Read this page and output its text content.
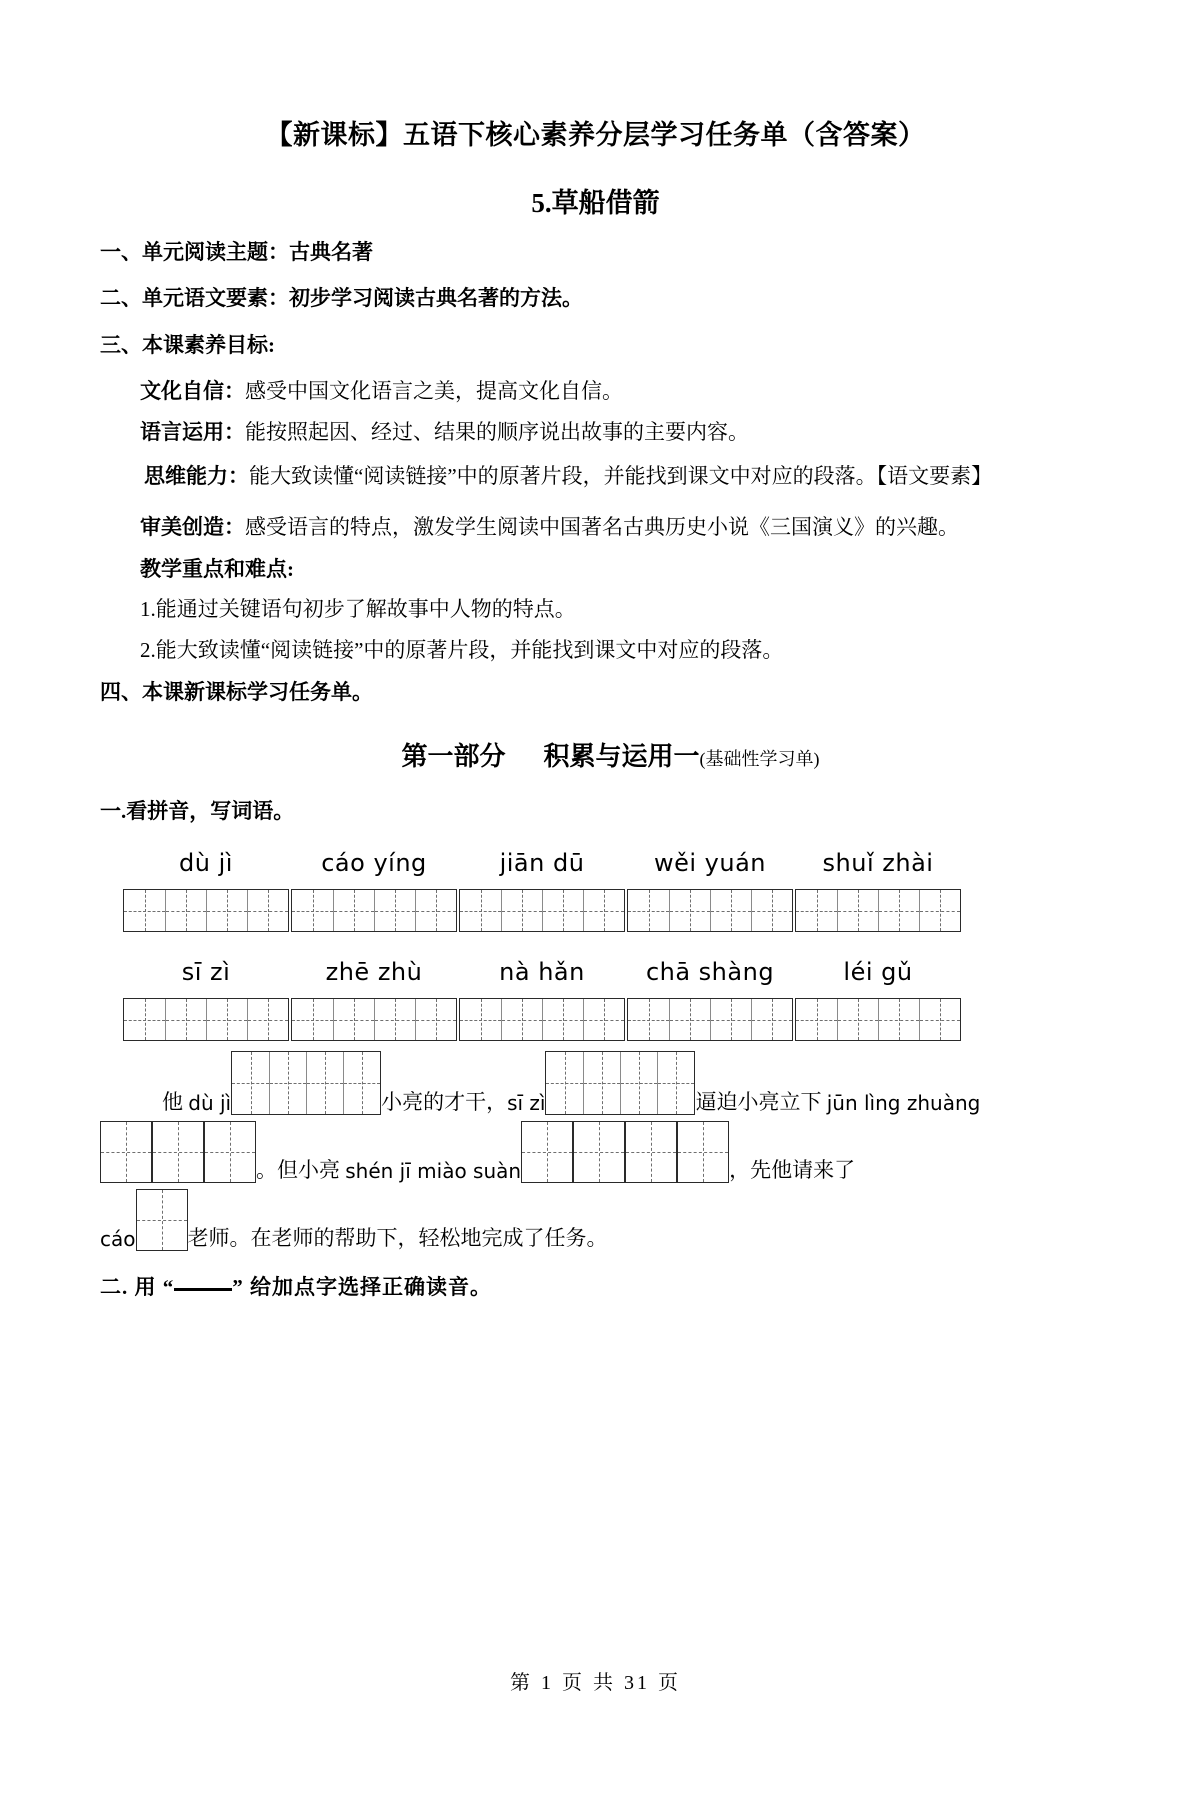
【新课标】五语下核心素养分层学习任务单（含答案）
5.草船借箭
一、单元阅读主题：古典名著
二、单元语文要素：初步学习阅读古典名著的方法。
三、本课素养目标:
文化自信：感受中国文化语言之美，提高文化自信。
语言运用：能按照起因、经过、结果的顺序说出故事的主要内容。
思维能力：能大致读懂“阅读链接”中的原著片段，并能找到课文中对应的段落。【语文要素】
审美创造：感受语言的特点，激发学生阅读中国著名古典历史小说《三国演义》的兴趣。
教学重点和难点:
1.能通过关键语句初步了解故事中人物的特点。
2.能大致读懂“阅读链接”中的原著片段，并能找到课文中对应的段落。
四、本课新课标学习任务单。
第一部分 积累与运用一(基础性学习单)
一.看拼音，写词语。
dù jì	cáo yíng	jiān dū	wěi yuán	shuǐ zhài
sī zì	zhē zhù	nà hǎn	chā shàng	léi gǔ
他 dù jì	小亮的才干， sī zì	逼迫小亮立下 jūn lìng zhuàng
。但小亮 shén jī miào suàn	，先他请来了
cáo 老师。在老师的帮助下，轻松地完成了任务。
二. 用 “	” 给加点字选择正确读音。
第 1 页 共 31 页
